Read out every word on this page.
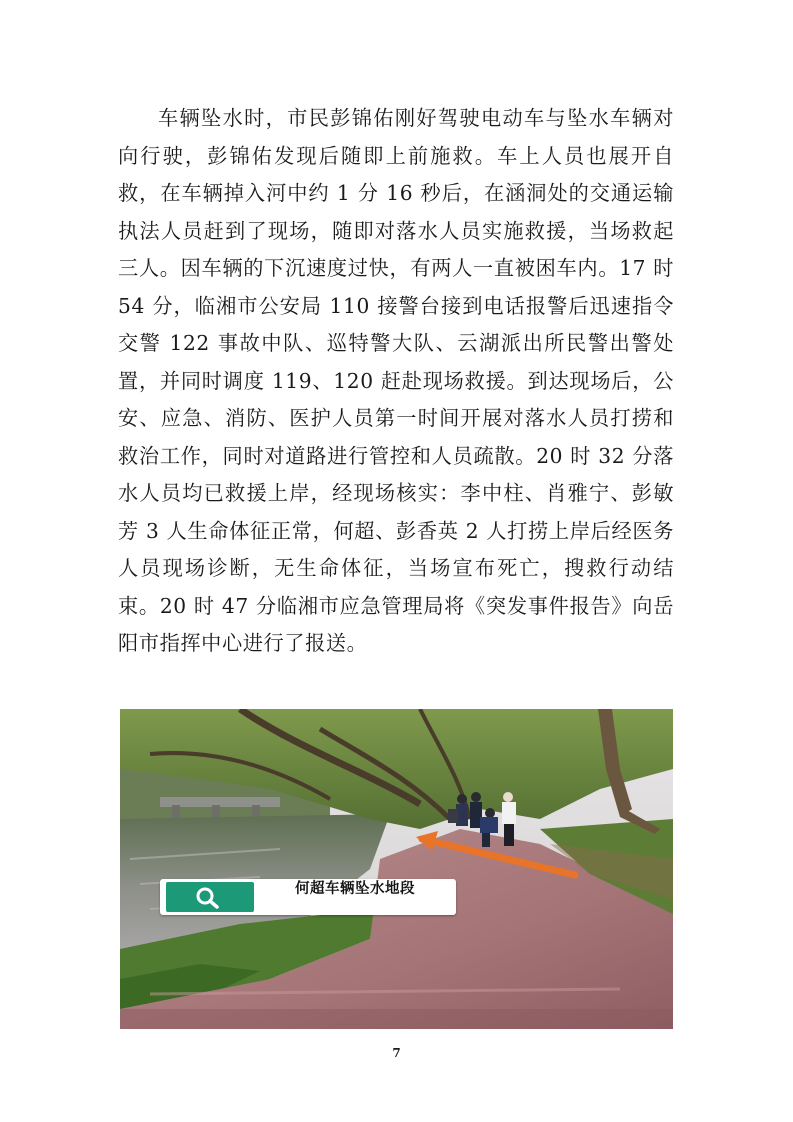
车辆坠水时，市民彭锦佑刚好驾驶电动车与坠水车辆对向行驶，彭锦佑发现后随即上前施救。车上人员也展开自救，在车辆掉入河中约 1 分 16 秒后，在涵洞处的交通运输执法人员赶到了现场，随即对落水人员实施救援，当场救起三人。因车辆的下沉速度过快，有两人一直被困车内。17 时 54 分，临湘市公安局 110 接警台接到电话报警后迅速指令交警 122 事故中队、巡特警大队、云湖派出所民警出警处置，并同时调度 119、120 赶赴现场救援。到达现场后，公安、应急、消防、医护人员第一时间开展对落水人员打捞和救治工作，同时对道路进行管控和人员疏散。20 时 32 分落水人员均已救援上岸，经现场核实：李中柱、肖雅宁、彭敏芳 3 人生命体征正常，何超、彭香英 2 人打捞上岸后经医务人员现场诊断，无生命体征，当场宣布死亡，搜救行动结束。20 时 47 分临湘市应急管理局将《突发事件报告》向岳阳市指挥中心进行了报送。

何超车辆坠水地段
7
